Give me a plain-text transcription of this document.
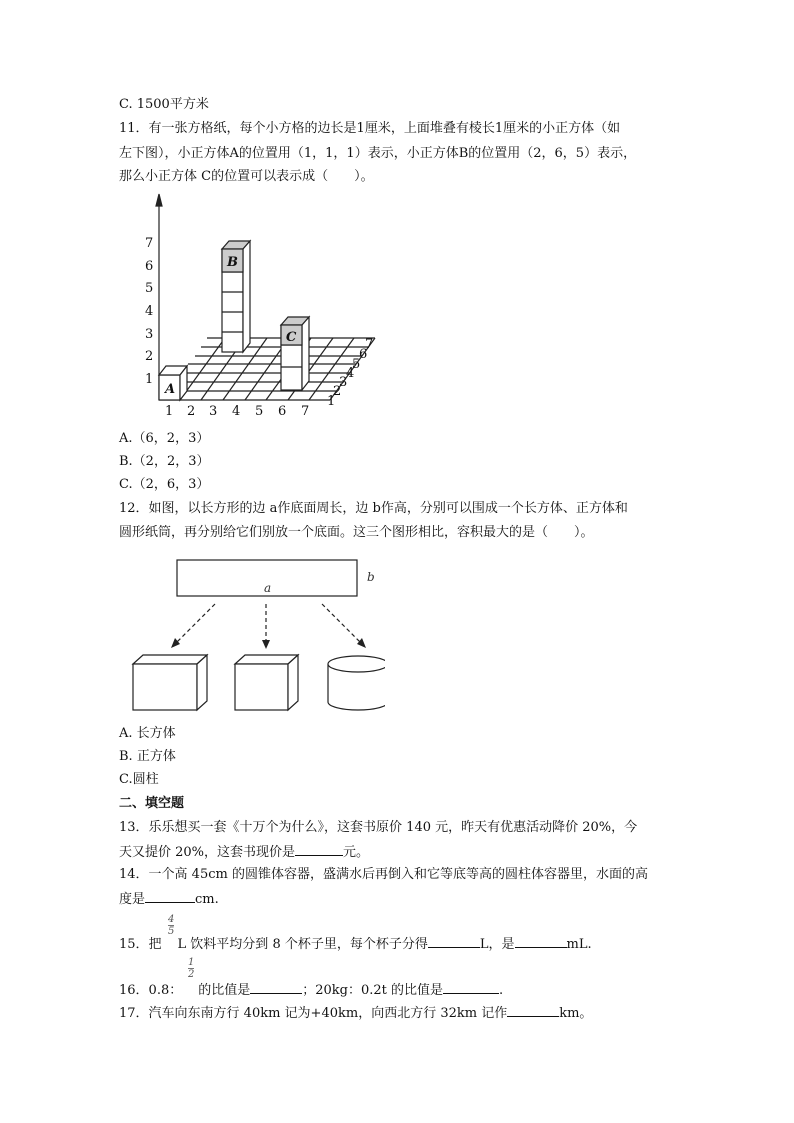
C. 1500平方米
11．有一张方格纸，每个小方格的边长是1厘米，上面堆叠有棱长1厘米的小正方体（如
左下图），小正方体A的位置用（1，1，1）表示，小正方体B的位置用（2，6，5）表示，
那么小正方体 C的位置可以表示成（　　）。
1
2
3
4
5
6
7
1 2 3 4 5 6 7
1
2
3
4
5
6
7
A
B
C
A.（6，2，3）
B.（2，2，3）
C.（2，6，3）
12．如图，以长方形的边 a作底面周长，边 b作高，分别可以围成一个长方体、正方体和
圆形纸筒，再分别给它们别放一个底面。这三个图形相比，容积最大的是（　　）。
a
b
A. 长方体
B. 正方体
C.圆柱
二、填空题
13．乐乐想买一套《十万个为什么》，这套书原价 140 元，昨天有优惠活动降价 20%，今
天又提价 20%，这套书现价是	元。
14．一个高 45cm 的圆锥体容器，盛满水后再倒入和它等底等高的圆柱体容器里，水面的高
度是	cm.
4
5
15．把 L 饮料平均分到 8 个杯子里，每个杯子分得	L，是	mL.
1
2
16．0.8： 的比值是	；20kg：0.2t 的比值是	.
17．汽车向东南方行 40km 记为+40km，向西北方行 32km 记作	km。
